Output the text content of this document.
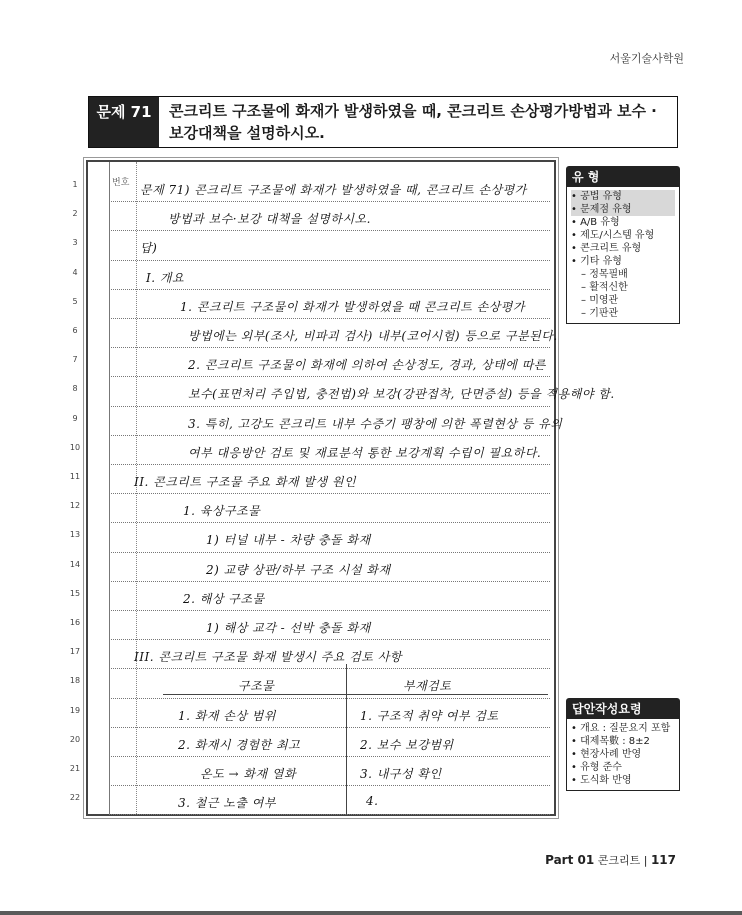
서울기술사학원
문제 71	콘크리트 구조물에 화재가 발생하였을 때, 콘크리트 손상평가방법과 보수 ·
보강대책을 설명하시오.
번호
1
2
3
4
5
6
7
8
9
10
11
12
13
14
15
16
17
18
19
20
21
22
문제 71) 콘크리트 구조물에 화재가 발생하였을 때, 콘크리트 손상평가
방법과 보수·보강 대책을 설명하시오.
답)
I. 개요
1. 콘크리트 구조물이 화재가 발생하였을 때 콘크리트 손상평가
방법에는 외부(조사, 비파괴 검사) 내부(코어시험) 등으로 구분된다.
2. 콘크리트 구조물이 화재에 의하여 손상정도, 경과, 상태에 따른
보수(표면처리 주입법, 충전법)와 보강(강판접착, 단면증설) 등을 적용해야 함.
3. 특히, 고강도 콘크리트 내부 수증기 팽창에 의한 폭렬현상 등 유의
여부 대응방안 검토 및 재료분석 통한 보강계획 수립이 필요하다.
II. 콘크리트 구조물 주요 화재 발생 원인
1. 육상구조물
1) 터널 내부 - 차량 충돌 화재
2) 교량 상판/하부 구조 시설 화재
2. 해상 구조물
1) 해상 교각 - 선박 충돌 화재
III. 콘크리트 구조물 화재 발생시 주요 검토 사항
구조물	부재검토
1. 화재 손상 범위	1. 구조적 취약 여부 검토
2. 화재시 경험한 최고	2. 보수 보강범위
온도 → 화재 열화	3. 내구성 확인
3. 철근 노출 여부	4.
유 형
• 공법 유형
• 문제점 유형
• A/B 유형
• 제도/시스템 유형
• 콘크리트 유형
• 기타 유형
– 정목필배
– 활적신한
– 미영관
– 기판관
답안작성요령
• 개요 : 질문요지 포함
• 대제목數 : 8±2
• 현장사례 반영
• 유형 준수
• 도식화 반영
Part 01 콘크리트 | 117
